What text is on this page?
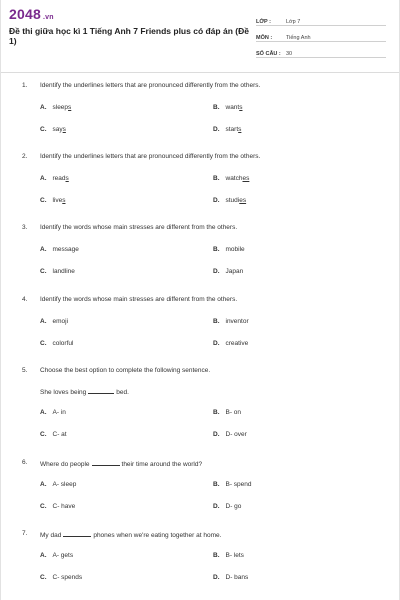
2048 .vn
Đề thi giữa học kì 1 Tiếng Anh 7 Friends plus có đáp án (Đề 1)
LỚP :	Lớp 7
MÔN :	Tiếng Anh
SỐ CÂU : 30
1. Identify the underlines letters that are pronounced differently from the others.
A. sleeps	B. wants
C. says	D. starts
2. Identify the underlines letters that are pronounced differently from the others.
A. reads	B. watches
C. lives	D. studies
3. Identify the words whose main stresses are different from the others.
A. message	B. mobile
C. landline	D. Japan
4. Identify the words whose main stresses are different from the others.
A. emoji	B. inventor
C. colorful	D. creative
5. Choose the best option to complete the following sentence.
She loves being	bed.
A. A- in	B. B- on
C. C- at	D. D- over
6. Where do people	their time around the world?
A. A- sleep	B. B- spend
C. C- have	D. D- go
7. My dad	phones when we're eating together at home.
A. A- gets	B. B- lets
C. C- spends	D. D- bans
